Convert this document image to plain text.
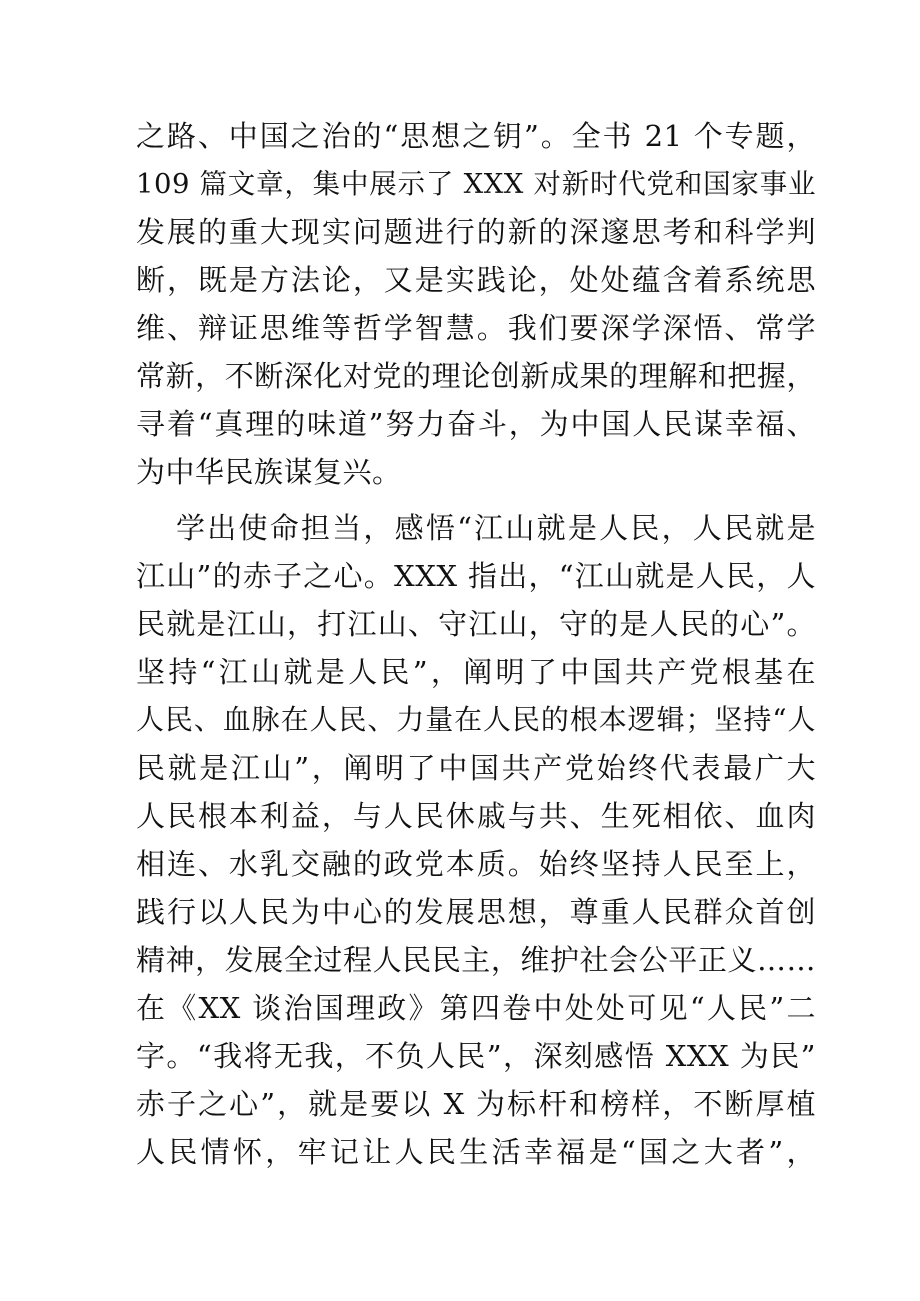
之路、中国之治的“思想之钥”。全书 21 个专题，
109 篇文章，集中展示了 XXX 对新时代党和国家事业
发展的重大现实问题进行的新的深邃思考和科学判
断，既是方法论，又是实践论，处处蕴含着系统思
维、辩证思维等哲学智慧。我们要深学深悟、常学
常新，不断深化对党的理论创新成果的理解和把握，
寻着“真理的味道”努力奋斗，为中国人民谋幸福、
为中华民族谋复兴。
学出使命担当，感悟“江山就是人民，人民就是
江山”的赤子之心。XXX 指出，“江山就是人民，人
民就是江山，打江山、守江山，守的是人民的心”。
坚持“江山就是人民”，阐明了中国共产党根基在
人民、血脉在人民、力量在人民的根本逻辑；坚持“人
民就是江山”，阐明了中国共产党始终代表最广大
人民根本利益，与人民休戚与共、生死相依、血肉
相连、水乳交融的政党本质。始终坚持人民至上，
践行以人民为中心的发展思想，尊重人民群众首创
精神，发展全过程人民民主，维护社会公平正义……
在《XX 谈治国理政》第四卷中处处可见“人民”二
字。“我将无我，不负人民”，深刻感悟 XXX 为民”
赤子之心”，就是要以 X 为标杆和榜样，不断厚植
人民情怀，牢记让人民生活幸福是“国之大者”，
